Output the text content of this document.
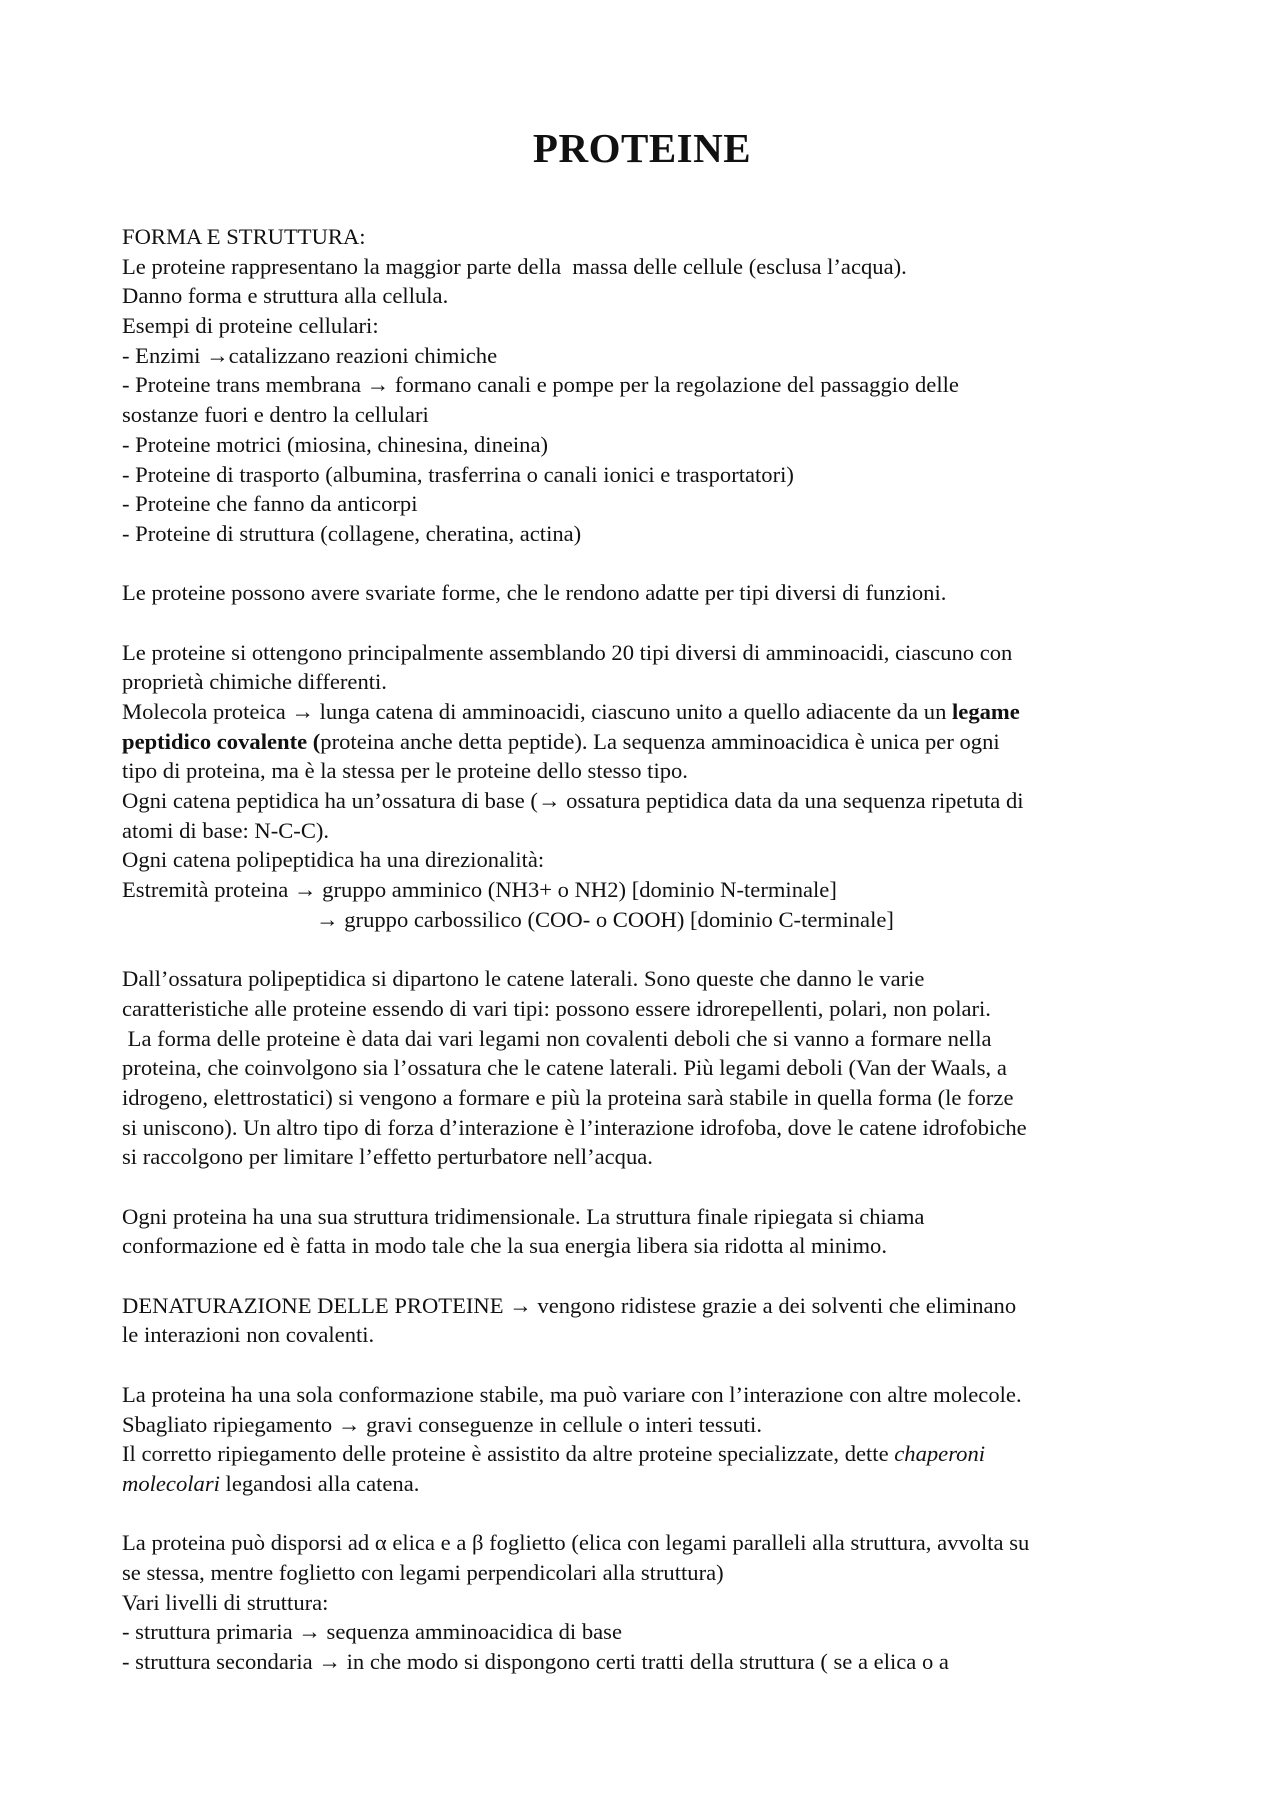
PROTEINE
FORMA E STRUTTURA:
Le proteine rappresentano la maggior parte della  massa delle cellule (esclusa l’acqua).
Danno forma e struttura alla cellula.
Esempi di proteine cellulari:
- Enzimi →catalizzano reazioni chimiche
- Proteine trans membrana → formano canali e pompe per la regolazione del passaggio delle
sostanze fuori e dentro la cellulari
- Proteine motrici (miosina, chinesina, dineina)
- Proteine di trasporto (albumina, trasferrina o canali ionici e trasportatori)
- Proteine che fanno da anticorpi
- Proteine di struttura (collagene, cheratina, actina)
Le proteine possono avere svariate forme, che le rendono adatte per tipi diversi di funzioni.
Le proteine si ottengono principalmente assemblando 20 tipi diversi di amminoacidi, ciascuno con
proprietà chimiche differenti.
Molecola proteica → lunga catena di amminoacidi, ciascuno unito a quello adiacente da un legame
peptidico covalente (proteina anche detta peptide). La sequenza amminoacidica è unica per ogni
tipo di proteina, ma è la stessa per le proteine dello stesso tipo.
Ogni catena peptidica ha un’ossatura di base (→ ossatura peptidica data da una sequenza ripetuta di
atomi di base: N-C-C).
Ogni catena polipeptidica ha una direzionalità:
Estremità proteina → gruppo amminico (NH3+ o NH2) [dominio N-terminale]
→ gruppo carbossilico (COO- o COOH) [dominio C-terminale]
Dall’ossatura polipeptidica si dipartono le catene laterali. Sono queste che danno le varie
caratteristiche alle proteine essendo di vari tipi: possono essere idrorepellenti, polari, non polari.
La forma delle proteine è data dai vari legami non covalenti deboli che si vanno a formare nella
proteina, che coinvolgono sia l’ossatura che le catene laterali. Più legami deboli (Van der Waals, a
idrogeno, elettrostatici) si vengono a formare e più la proteina sarà stabile in quella forma (le forze
si uniscono). Un altro tipo di forza d’interazione è l’interazione idrofoba, dove le catene idrofobiche
si raccolgono per limitare l’effetto perturbatore nell’acqua.
Ogni proteina ha una sua struttura tridimensionale. La struttura finale ripiegata si chiama
conformazione ed è fatta in modo tale che la sua energia libera sia ridotta al minimo.
DENATURAZIONE DELLE PROTEINE → vengono ridistese grazie a dei solventi che eliminano
le interazioni non covalenti.
La proteina ha una sola conformazione stabile, ma può variare con l’interazione con altre molecole.
Sbagliato ripiegamento → gravi conseguenze in cellule o interi tessuti.
Il corretto ripiegamento delle proteine è assistito da altre proteine specializzate, dette chaperoni
molecolari legandosi alla catena.
La proteina può disporsi ad α elica e a β foglietto (elica con legami paralleli alla struttura, avvolta su
se stessa, mentre foglietto con legami perpendicolari alla struttura)
Vari livelli di struttura:
- struttura primaria → sequenza amminoacidica di base
- struttura secondaria → in che modo si dispongono certi tratti della struttura ( se a elica o a
